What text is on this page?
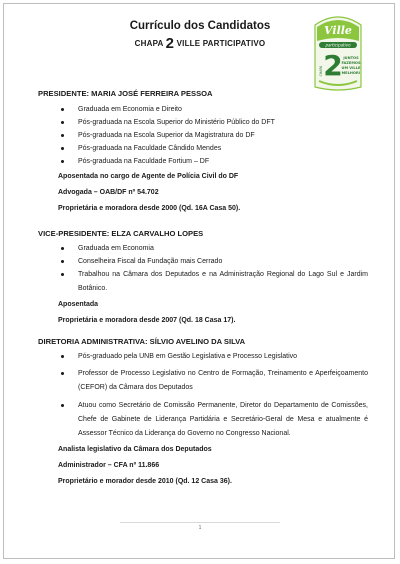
Currículo dos Candidatos
CHAPA 2 VILLE PARTICIPATIVO
Ville
participativo
CHAPA 2 JUNTOS
FAZEMOS
UM VILLE
MELHOR!
PRESIDENTE: MARIA JOSÉ FERREIRA PESSOA
Graduada em Economia e Direito
Pós-graduada na Escola Superior do Ministério Público do DFT
Pós-graduada na Escola Superior da Magistratura do DF
Pós-graduada na Faculdade Cândido Mendes
Pós-graduada na Faculdade Fortium – DF
Aposentada no cargo de Agente de Polícia Civil do DF
Advogada – OAB/DF nº 54.702
Proprietária e moradora desde 2000 (Qd. 16A Casa 50).
VICE-PRESIDENTE: ELZA CARVALHO LOPES
Graduada em Economia
Conselheira Fiscal da Fundação mais Cerrado
Trabalhou na Câmara dos Deputados e na Administração Regional do Lago Sul e Jardim Botânico.
Aposentada
Proprietária e moradora desde 2007 (Qd. 18 Casa 17).
DIRETORIA ADMINISTRATIVA: SÍLVIO AVELINO DA SILVA
Pós-graduado pela UNB em Gestão Legislativa e Processo Legislativo
Professor de Processo Legislativo no Centro de Formação, Treinamento e Aperfeiçoamento (CEFOR) da Câmara dos Deputados
Atuou como Secretário de Comissão Permanente, Diretor do Departamento de Comissões, Chefe de Gabinete de Liderança Partidária e Secretário-Geral de Mesa e atualmente é Assessor Técnico da Liderança do Governo no Congresso Nacional.
Analista legislativo da Câmara dos Deputados
Administrador – CFA nº 11.866
Proprietário e morador desde 2010 (Qd. 12 Casa 36).
1
